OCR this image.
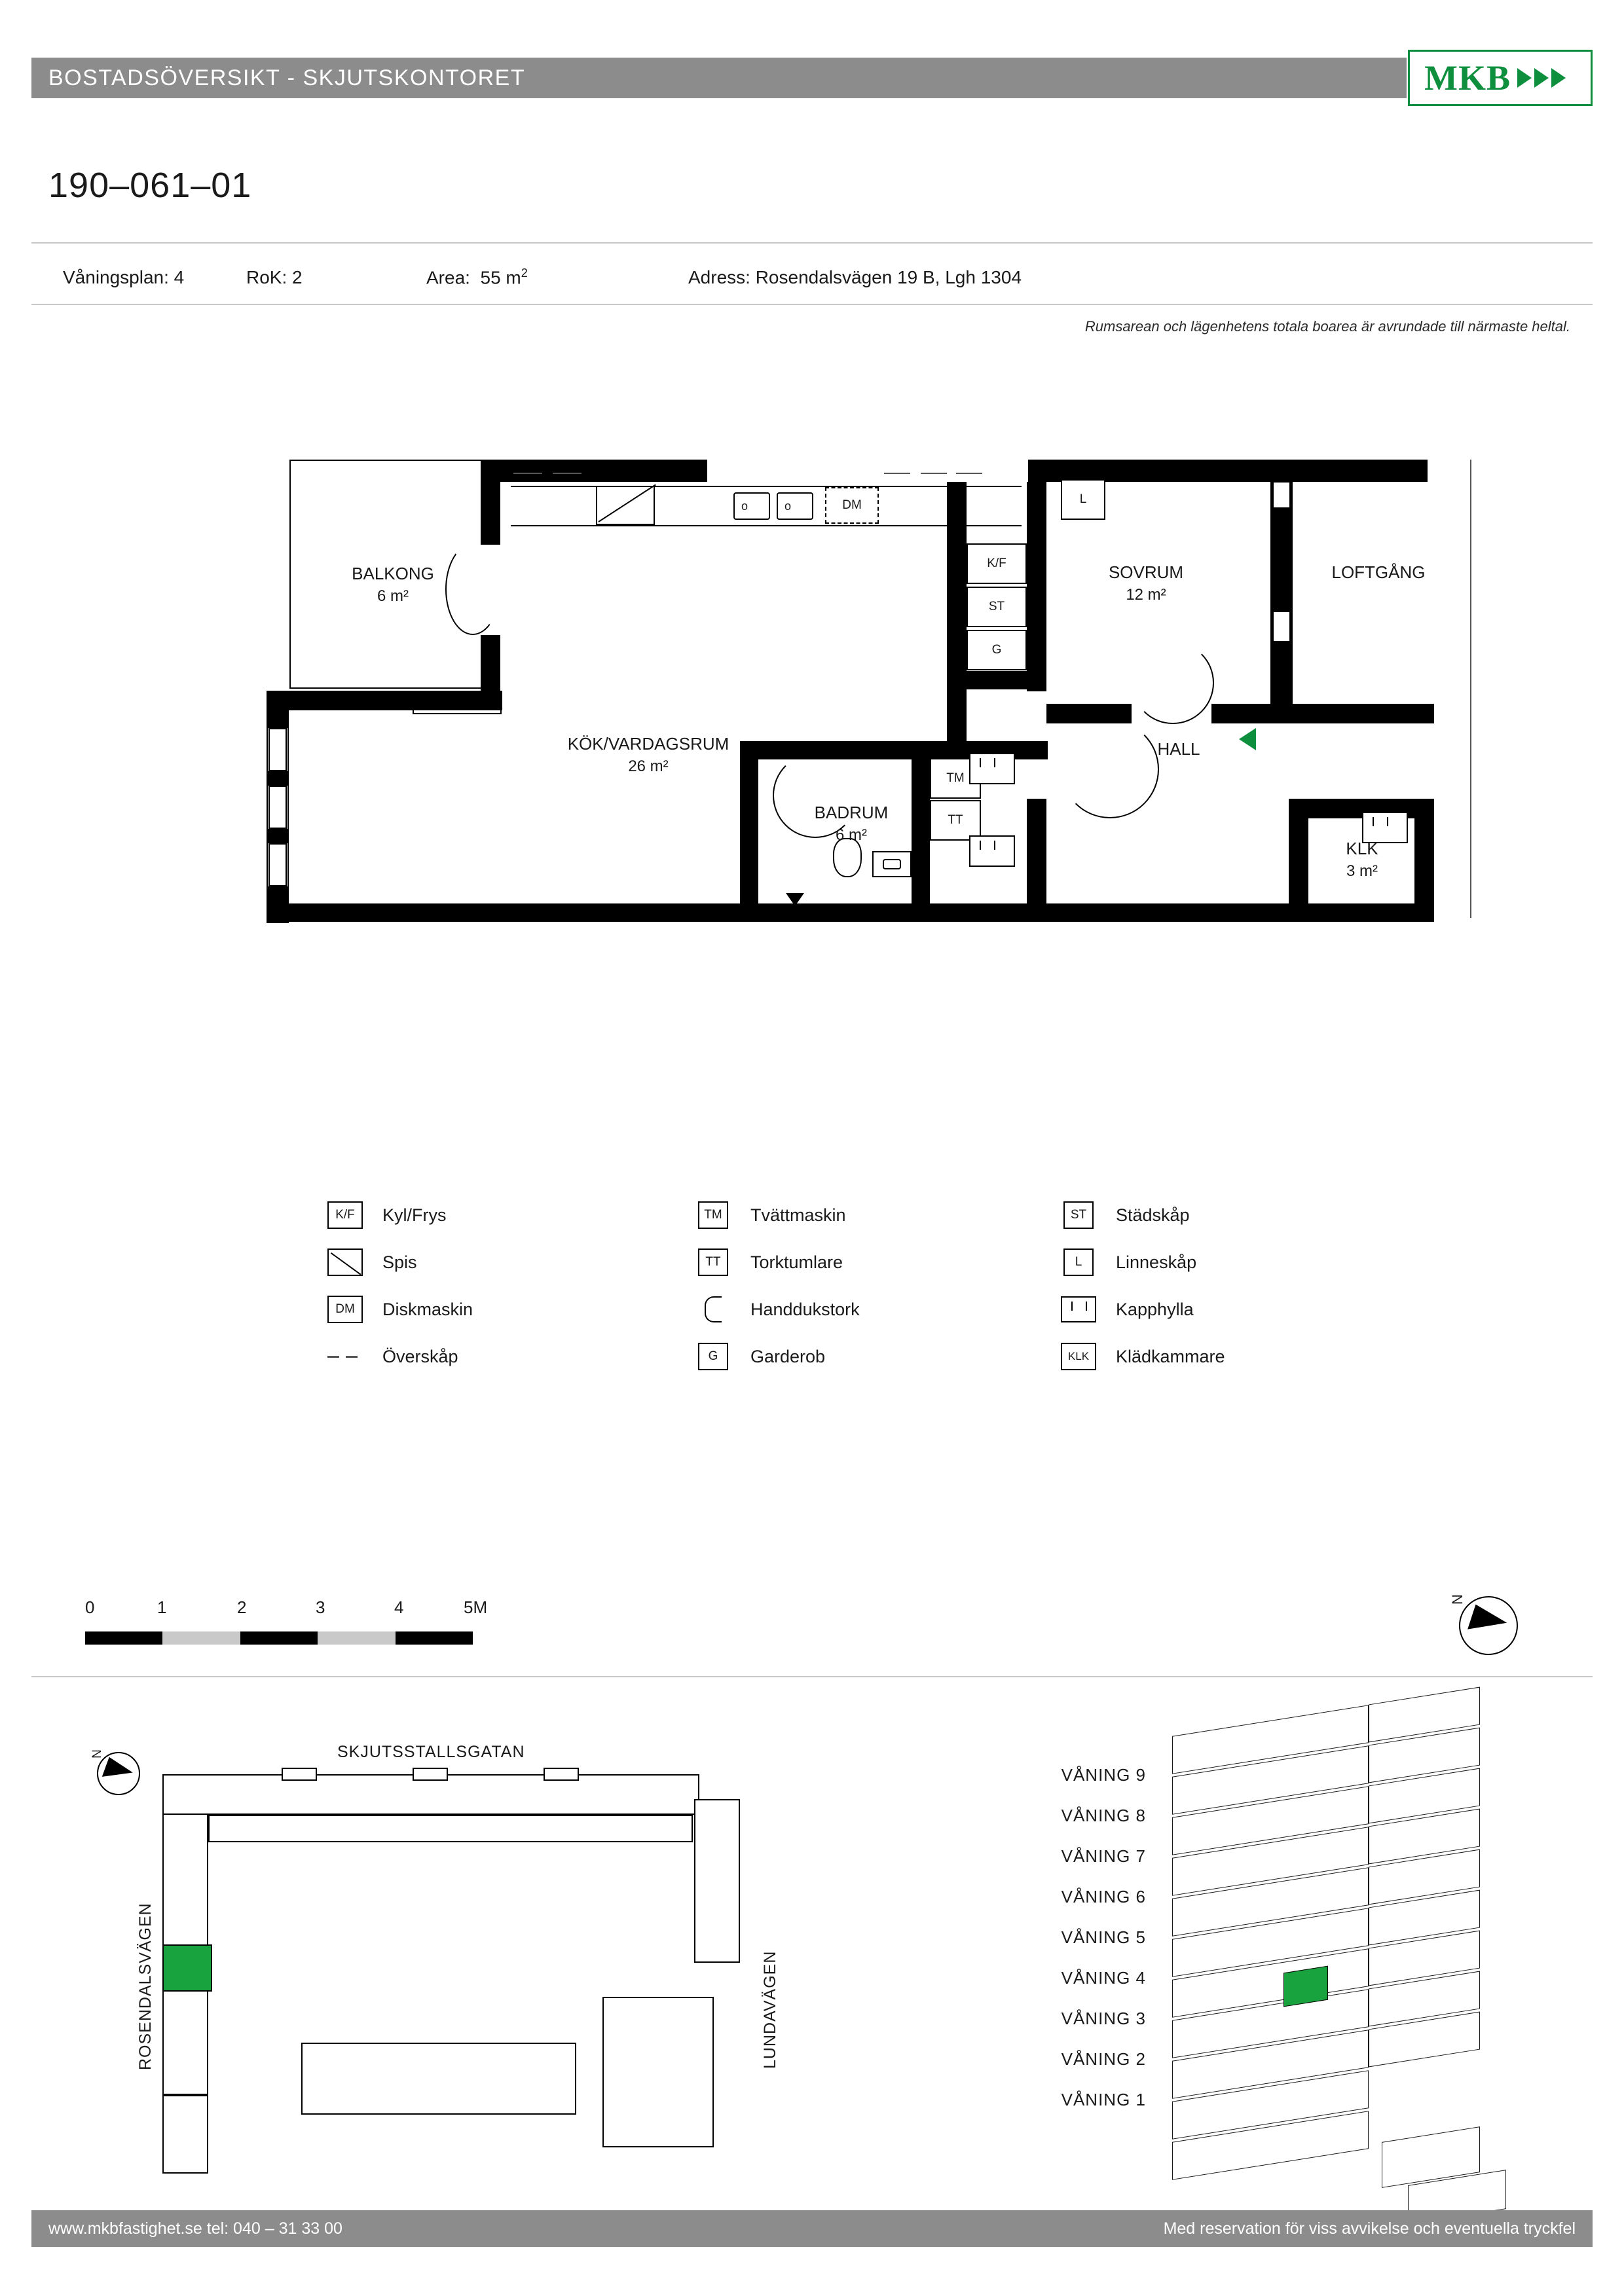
BOSTADSÖVERSIKT - SKJUTSKONTORET	MKB
190–061–01
Våningsplan: 4	RoK: 2	Area: 55 $m^2$	Adress: Rosendalsvägen 19 B, Lgh 1304
Rumsarean och lägenhetens totala boarea är avrundade till närmaste heltal.
o	o	DM
K/F
ST
G
L
TM
TT
BALKONG
6 m²
SOVRUM
12 m²
LOFTGÅNG
KÖK/VARDAGSRUM
26 m²
HALL
BADRUM
6 m²
KLK
3 m²
K/F	Kyl/Frys
Spis
DM	Diskmaskin
Överskåp
TM	Tvättmaskin
TT	Torktumlare
Handdukstork
G	Garderob
ST	Städskåp
L	Linneskåp
Kapphylla
KLK	Klädkammare
0	1	2	3	4	5M	N
N	SKJUTSSTALLSGATAN
ROSENDALSVÄGEN	LUNDAVÄGEN
VÅNING 9
VÅNING 8
VÅNING 7
VÅNING 6
VÅNING 5
VÅNING 4
VÅNING 3
VÅNING 2
VÅNING 1
www.mkbfastighet.se tel: 040 – 31 33 00	Med reservation för viss avvikelse och eventuella tryckfel
